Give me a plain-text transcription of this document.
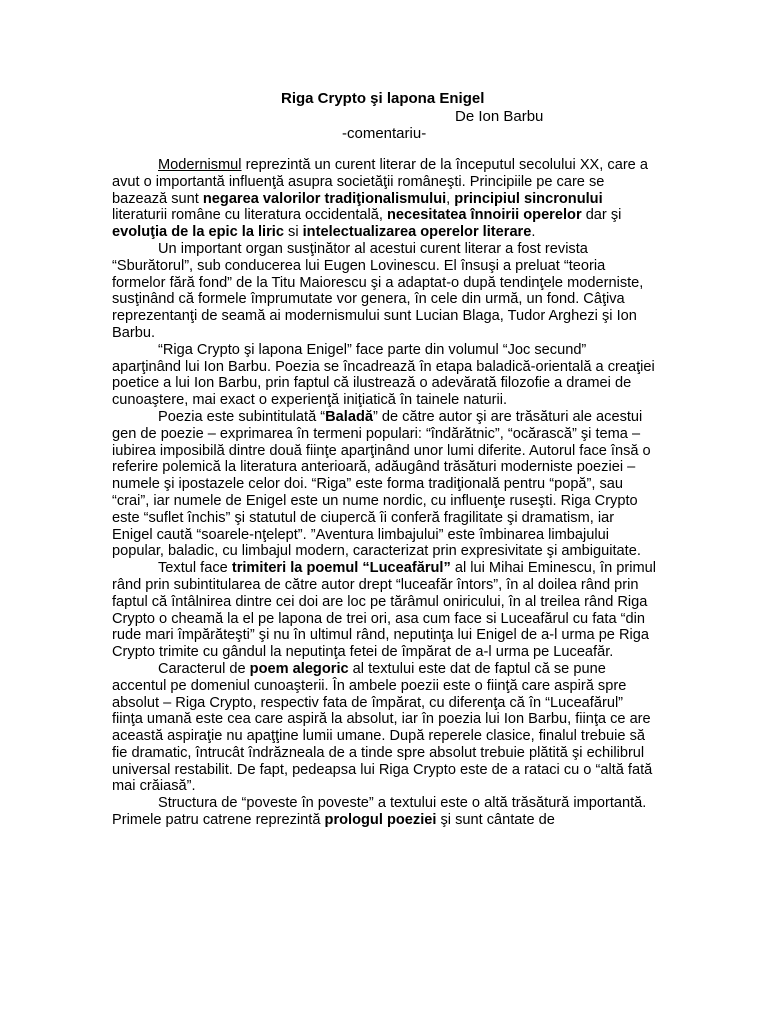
Riga Crypto şi lapona Enigel
De Ion Barbu
-comentariu-

Modernismul reprezintă un curent literar de la începutul secolului XX, care a avut o importantă influenţă asupra societăţii româneşti. Principiile pe care se bazează sunt negarea valorilor tradiţionalismului, principiul sincronului literaturii române cu literatura occidentală, necesitatea înnoirii operelor dar şi evoluţia de la epic la liric si intelectualizarea operelor literare.

Un important organ susţinător al acestui curent literar a fost revista “Sburătorul”, sub conducerea lui Eugen Lovinescu. El însuşi a preluat “teoria formelor fără fond” de la Titu Maiorescu şi a adaptat-o după tendinţele moderniste, susţinând că formele împrumutate vor genera, în cele din urmă, un fond. Câţiva reprezentanţi de seamă ai modernismului sunt Lucian Blaga, Tudor Arghezi şi Ion Barbu.

“Riga Crypto şi lapona Enigel” face parte din volumul “Joc secund” aparţinând lui Ion Barbu. Poezia se încadrează în etapa baladică-orientală a creaţiei poetice a lui Ion Barbu, prin faptul că ilustrează o adevărată filozofie a dramei de cunoaştere, mai exact o experienţă iniţiatică în tainele naturii.

Poezia este subintitulată “Baladă” de către autor şi are trăsături ale acestui gen de poezie – exprimarea în termeni populari: “îndărătnic”, “ocărască” şi tema – iubirea imposibilă dintre două fiinţe aparţinând unor lumi diferite. Autorul face însă o referire polemică la literatura anterioară, adăugând trăsături moderniste poeziei – numele şi ipostazele celor doi. “Riga” este forma tradiţională pentru “popă”, sau “crai”, iar numele de Enigel este un nume nordic, cu influenţe ruseşti. Riga Crypto este “suflet închis” şi statutul de ciupercă îi conferă fragilitate şi dramatism, iar Enigel caută “soarele-nţelept”. ”Aventura limbajului” este îmbinarea limbajului popular, baladic, cu limbajul modern, caracterizat prin expresivitate şi ambiguitate.

Textul face trimiteri la poemul “Luceafărul” al lui Mihai Eminescu, în primul rând prin subintitularea de către autor drept “luceafăr întors”, în al doilea rând prin faptul că întâlnirea dintre cei doi are loc pe tărâmul oniricului, în al treilea rând Riga Crypto o cheamă la el pe lapona de trei ori, asa cum face si Luceafărul cu fata “din rude mari împărăteşti” şi nu în ultimul rând, neputinţa lui Enigel de a-l urma pe Riga Crypto trimite cu gândul la neputinţa fetei de împărat de a-l urma pe Luceafăr.

Caracterul de poem alegoric al textului este dat de faptul că se pune accentul pe domeniul cunoaşterii. În ambele poezii este o fiinţă care aspiră spre absolut – Riga Crypto, respectiv fata de împărat, cu diferenţa că în “Luceafărul” fiinţa umană este cea care aspiră la absolut, iar în poezia lui Ion Barbu, fiinţa ce are această aspiraţie nu apaţţine lumii umane. După reperele clasice, finalul trebuie să fie dramatic, întrucât îndrăzneala de a tinde spre absolut trebuie plătită şi echilibrul universal restabilit. De fapt, pedeapsa lui Riga Crypto este de a rataci cu o “altă fată mai crăiasă”.

Structura de “poveste în poveste” a textului este o altă trăsătură importantă. Primele patru catrene reprezintă prologul poeziei şi sunt cântate de
